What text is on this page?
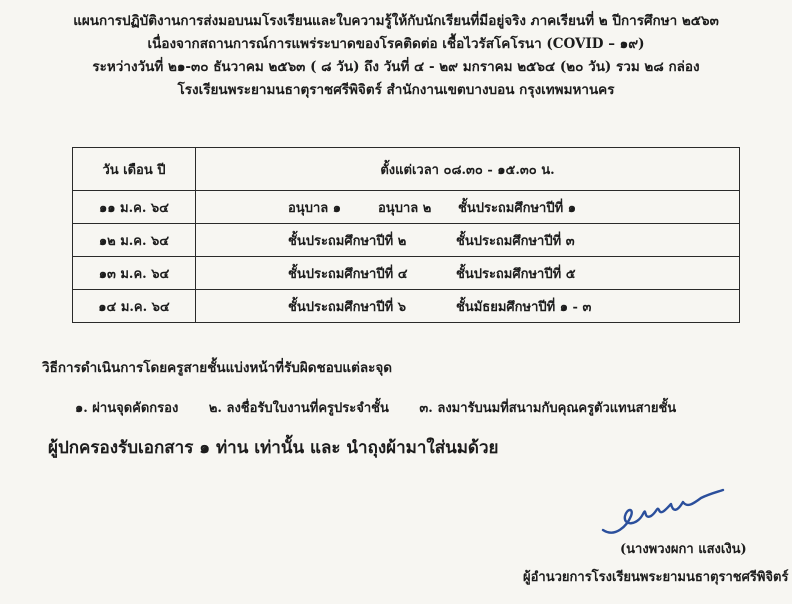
แผนการปฏิบัติงานการส่งมอบนมโรงเรียนและใบความรู้ให้กับนักเรียนที่มีอยู่จริง ภาคเรียนที่ ๒ ปีการศึกษา ๒๕๖๓
เนื่องจากสถานการณ์การแพร่ระบาดของโรคติดต่อ เชื้อไวรัสโคโรนา (COVID – ๑๙)
ระหว่างวันที่ ๒๑-๓๐ ธันวาคม ๒๕๖๓ ( ๘ วัน) ถึง วันที่ ๔ - ๒๙ มกราคม ๒๕๖๔ (๒๐ วัน) รวม ๒๘ กล่อง
โรงเรียนพระยามนธาตุราชศรีพิจิตร์ สำนักงานเขตบางบอน กรุงเทพมหานคร
วัน เดือน ปี	ตั้งแต่เวลา ๐๘.๓๐ - ๑๕.๓๐ น.
๑๑ ม.ค. ๖๔	อนุบาล ๑ อนุบาล ๒ ชั้นประถมศึกษาปีที่ ๑
๑๒ ม.ค. ๖๔	ชั้นประถมศึกษาปีที่ ๒ ชั้นประถมศึกษาปีที่ ๓
๑๓ ม.ค. ๖๔	ชั้นประถมศึกษาปีที่ ๔ ชั้นประถมศึกษาปีที่ ๕
๑๔ ม.ค. ๖๔	ชั้นประถมศึกษาปีที่ ๖ ชั้นมัธยมศึกษาปีที่ ๑ - ๓
วิธีการดำเนินการโดยครูสายชั้นแบ่งหน้าที่รับผิดชอบแต่ละจุด
๑. ผ่านจุดคัดกรอง ๒. ลงชื่อรับใบงานที่ครูประจำชั้น ๓. ลงมารับนมที่สนามกับคุณครูตัวแทนสายชั้น
ผู้ปกครองรับเอกสาร ๑ ท่าน เท่านั้น และ นำถุงผ้ามาใส่นมด้วย
(นางพวงผกา แสงเงิน)
ผู้อำนวยการโรงเรียนพระยามนธาตุราชศรีพิจิตร์
